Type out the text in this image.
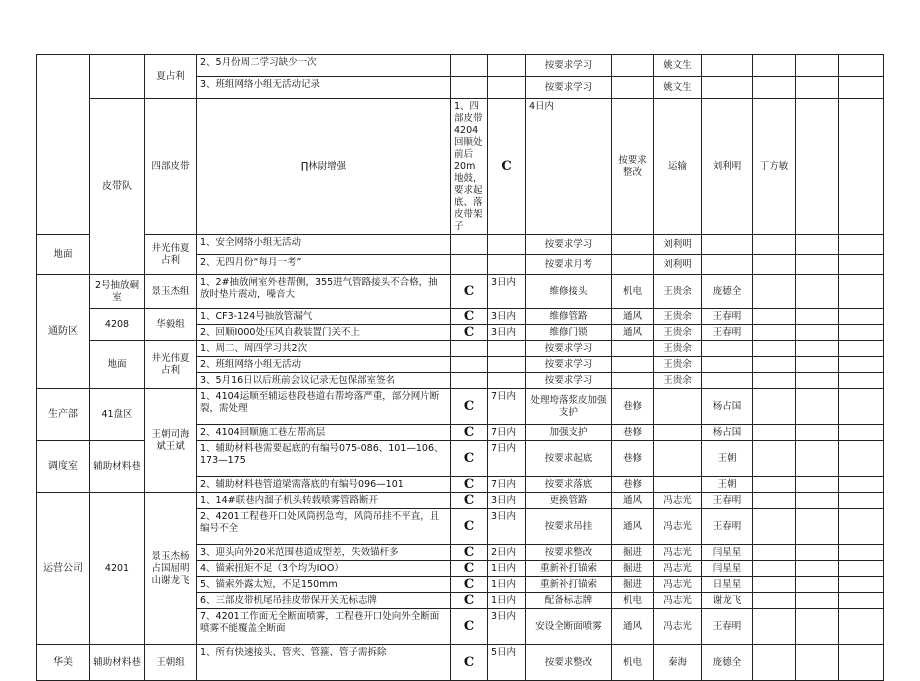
		夏占利	2、5月份周二学习缺少一次			按要求学习		姚文生					
			3、班组网络小组无活动记录			按要求学习		姚文生					
	皮带队	四部皮带	∏林尉增强	1、四部皮带4204回顺处前后20m地鼓，要求起底、落皮带架子	C	4日内	按要求整改	运输	刘利明	丁方敏			
地面		井光伟夏占利	1、安全网络小组无活动			按要求学习		刘利明					
			2、无四月份“每月一考”			按要求月考		刘利明					
通防区	2号抽放硐室	景玉杰组	1、2#抽放闸室外巷帮侧，355进气管路接头不合格，抽放时垫片震动，噪音大	C	3日内	维修接头	机电	王贵余	庞德全				
	4208	华毅组	1、CF3-124号抽放管漏气	C	3日内	维修管路	通风	王贵余	王春明				
			2、回顺I000处压风自救装置门关不上	C	3日内	维修门锁	通风	王贵余	王春明				
	地面	井光伟夏占利	1、周二、周四学习共2次			按要求学习		王贵余					
			2、班组网络小组无活动			按要求学习		王贵余					
			3、5月16日以后班前会议记录无包保部室签名			按要求学习		王贵余					
生产部	41盘区	王朝司海斌王斌	1、4104运顺至辅运巷段巷道右帮垮落严重，部分网片断裂，需处理	C	7日内	处理垮落浆皮加强支护	巷修		杨占国				
			2、4104回顺施工巷左帮高层	C	7日内	加强支护	巷修		杨占国				
调度室	辅助材料巷		1、辅助材料巷需要起底的有编号075-086、101—106、173—175	C	7日内	按要求起底	巷修		王朝				
			2、辅助材料巷管道梁需落底的有编号096—101	C	7日内	按要求落底	巷修		王朝				
运营公司	4201	景玉杰杨占国屈明山谢龙飞	1、14#联巷内溜子机头转载喷雾管路断开	C	3日内	更换管路	通风	冯志光	王春明				
			2、4201工程巷开口处风筒拐急弯，风筒吊挂不平直，且编号不全	C	3日内	按要求吊挂	通风	冯志光	王春明				
			3、迎头向外20米范围巷道成型差，失效锚杆多	C	2日内	按要求整改	掘进	冯志光	闫星星				
			4、锚索扭矩不足（3个均为IOO）	C	1日内	重新补打锚索	掘进	冯志光	闫星星				
			5、锚索外露太短，不足150mm	C	1日内	重新补打锚索	掘进	冯志光	日星星				
			6、三部皮带机尾吊挂皮带保开关无标志牌	C	1日内	配备标志牌	机电	冯志光	谢龙飞				
			7、4201工作面无全断面喷雾，工程巷开口处向外全断面喷雾不能覆盖全断面	C	3日内	安设全断面喷雾	通风	冯志光	王春明				
华美	辅助材料巷	王朝组	1、所有快速接头、管夹、管箍、管子需拆除	C	5日内	按要求整改	机电	秦海	庞德全				
